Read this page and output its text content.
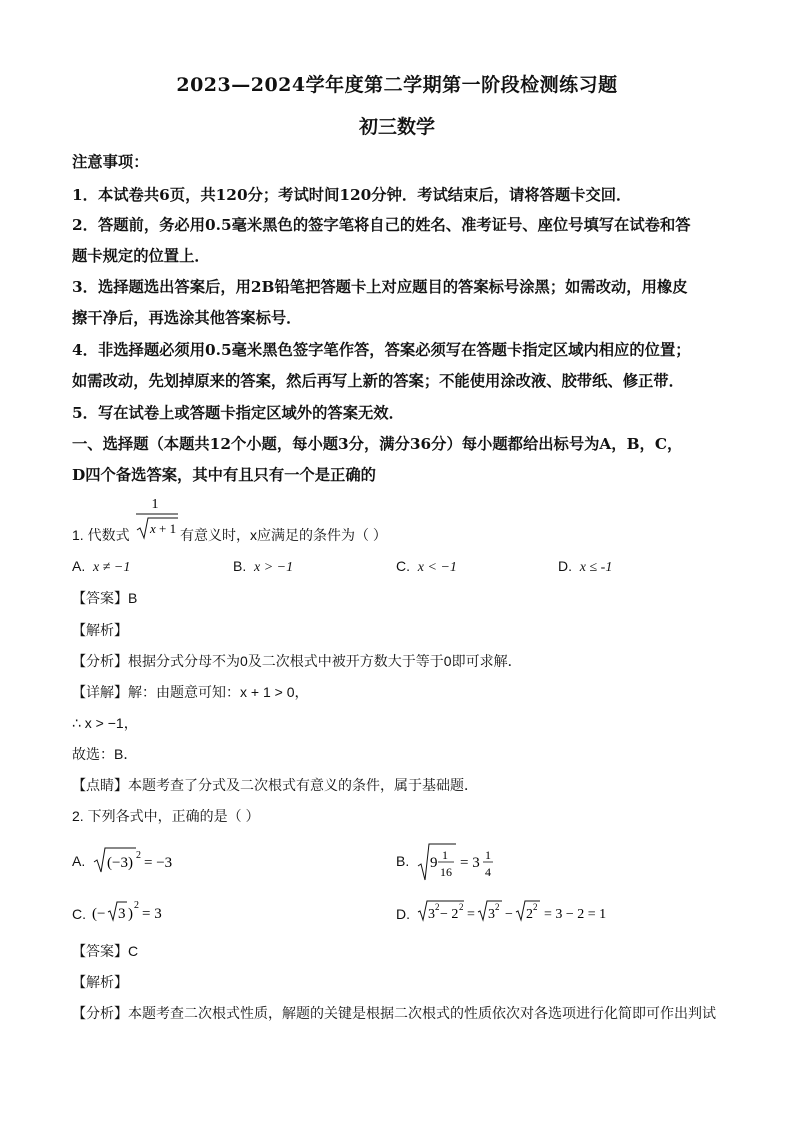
2023—2024学年度第二学期第一阶段检测练习题
初三数学
注意事项：
1．本试卷共6页，共120分；考试时间120分钟．考试结束后，请将答题卡交回．
2．答题前，务必用0.5毫米黑色的签字笔将自己的姓名、准考证号、座位号填写在试卷和答
题卡规定的位置上．
3．选择题选出答案后，用2B铅笔把答题卡上对应题目的答案标号涂黑；如需改动，用橡皮
擦干净后，再选涂其他答案标号．
4．非选择题必须用0.5毫米黑色签字笔作答，答案必须写在答题卡指定区域内相应的位置；
如需改动，先划掉原来的答案，然后再写上新的答案；不能使用涂改液、胶带纸、修正带．
5．写在试卷上或答题卡指定区域外的答案无效．
一、选择题（本题共12个小题，每小题3分，满分36分）每小题都给出标号为A，B，C，
D四个备选答案，其中有且只有一个是正确的
1. 代数式
1
x + 1 有意义时，x应满足的条件为（ ）
A. x ≠ −1	B. x > −1	C. x < −1	D. x ≤ -1
【答案】B
【解析】
【分析】根据分式分母不为0及二次根式中被开方数大于等于0即可求解．
【详解】解：由题意可知：x + 1 > 0，
∴ x > −1，
故选：B．
【点睛】本题考查了分式及二次根式有意义的条件，属于基础题．
2. 下列各式中，正确的是（ ）
A. (−3) 2 = −3	B. 9 1
16
= 3 1
4
C. (− 3 )
2
= 3	D. 3 2 − 2 2 = 3 2 − 2 2 = 3 − 2 = 1
【答案】C
【解析】
【分析】本题考查二次根式性质，解题的关键是根据二次根式的性质依次对各选项进行化简即可作出判试
